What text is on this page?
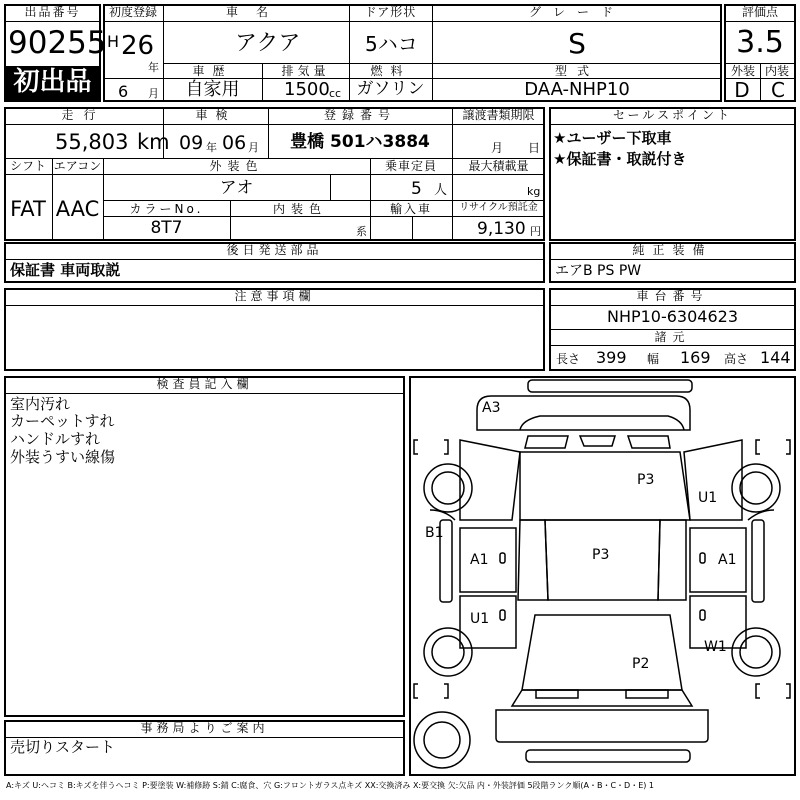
出品番号
90255
初出品
初度登録
H 26
年
6 月
車名
アクア
ドア形状
5ハコ
グレード
S
車歴
自家用
排気量
1500 cc
燃料
ガソリン
型式
DAA-NHP10
評価点
3.5
外装 内装
D	C
走行
55,803 km
車検
09 年 06 月
登録番号
豊橋 501ハ3884
譲渡書類期限
月 日
シフト
FAT
エアコン
AAC
外装色
アオ
乗車定員
5 人
最大積載量
kg
カラーNo.
8T7
内装色
系
輸入車	リサイクル預託金
9,130 円
セールスポイント
★ユーザー下取車
★保証書・取説付き
後日発送部品
保証書 車両取説
純正装備
エアB PS PW
注意事項欄	車台番号
NHP10-6304623
諸元
長さ 399 幅 169 高さ 144
検査員記入欄
室内汚れ
カーペットすれ
ハンドルすれ
外装うすい線傷
事務局よりご案内
売切りスタート
A3
P3
U1
B1
A1	P3	A1
U1
W1
P2
A:キズ U:ヘコミ B:キズを伴うヘコミ P:要塗装 W:補修跡 S:錆 C:腐食、穴 G:フロントガラス点キズ XX:交換済み X:要交換 欠:欠品 内・外装評価 5段階ランク順(A・B・C・D・E) 1
